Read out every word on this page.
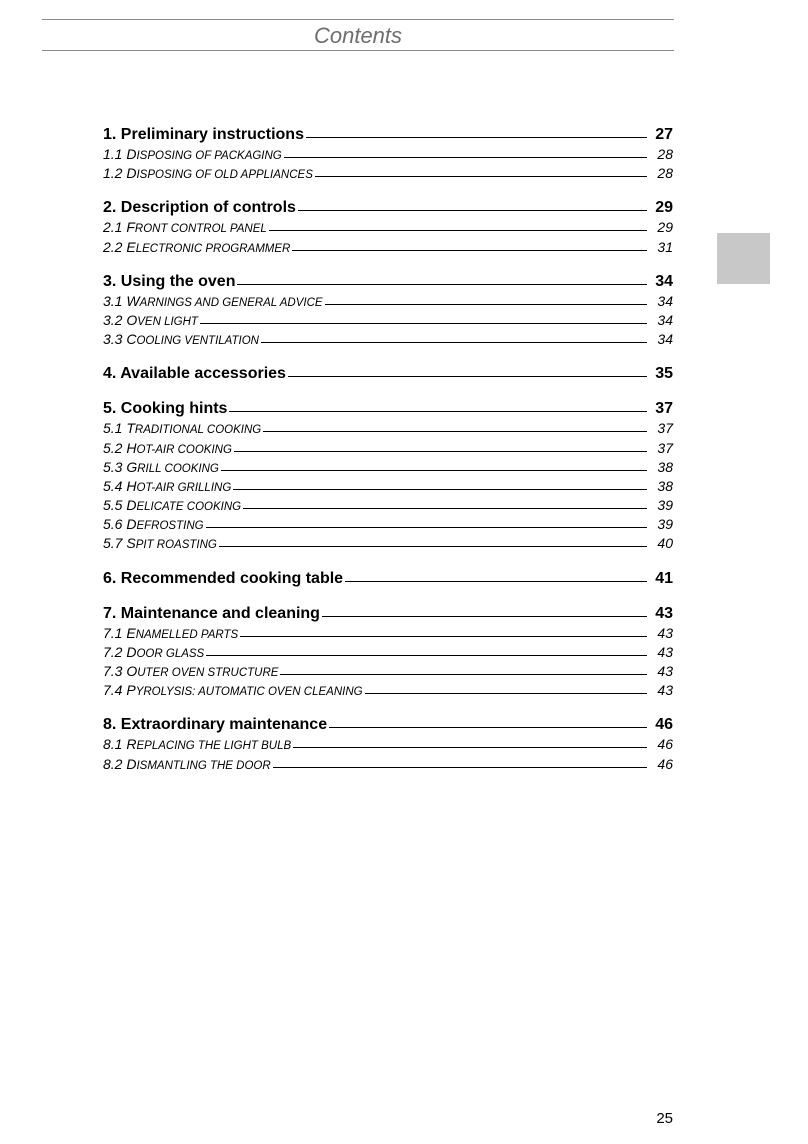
Contents
1. Preliminary instructions	27
1.1 DISPOSING OF PACKAGING	28
1.2 DISPOSING OF OLD APPLIANCES	28
2. Description of controls	29
2.1 FRONT CONTROL PANEL	29
2.2 ELECTRONIC PROGRAMMER	31
3. Using the oven	34
3.1 WARNINGS AND GENERAL ADVICE	34
3.2 OVEN LIGHT	34
3.3 COOLING VENTILATION	34
4. Available accessories	35
5. Cooking hints	37
5.1 TRADITIONAL COOKING	37
5.2 HOT-AIR COOKING	37
5.3 GRILL COOKING	38
5.4 HOT-AIR GRILLING	38
5.5 DELICATE COOKING	39
5.6 DEFROSTING	39
5.7 SPIT ROASTING	40
6. Recommended cooking table	41
7. Maintenance and cleaning	43
7.1 ENAMELLED PARTS	43
7.2 DOOR GLASS	43
7.3 OUTER OVEN STRUCTURE	43
7.4 PYROLYSIS: AUTOMATIC OVEN CLEANING	43
8. Extraordinary maintenance	46
8.1 REPLACING THE LIGHT BULB	46
8.2 DISMANTLING THE DOOR	46
25
